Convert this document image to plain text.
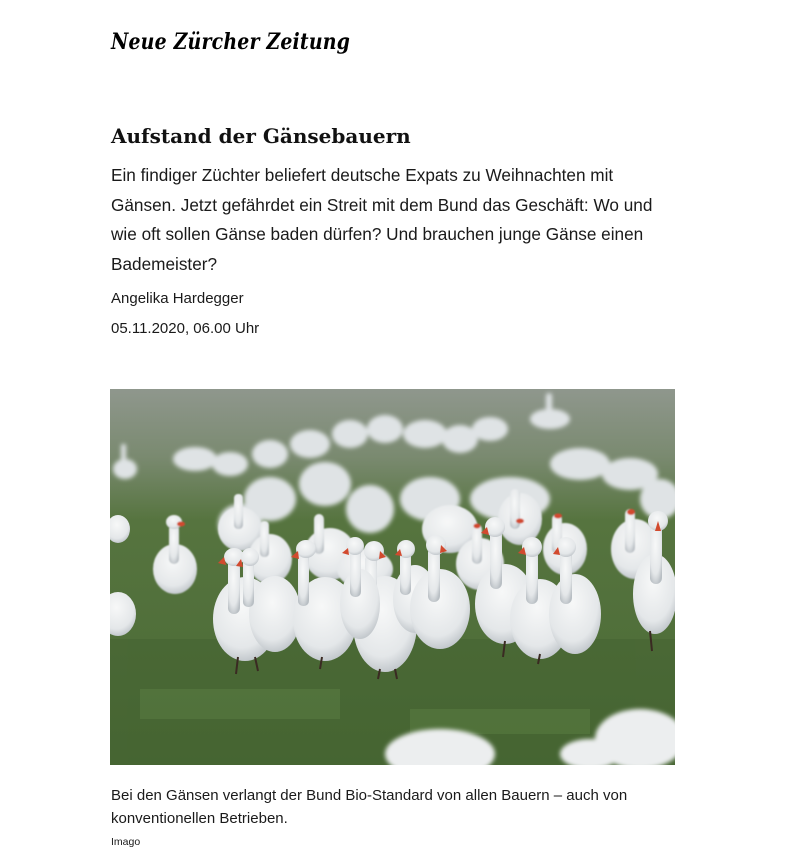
Neue Zürcher Zeitung
Aufstand der Gänsebauern

Ein findiger Züchter beliefert deutsche Expats zu Weihnachten mit Gänsen. Jetzt gefährdet ein Streit mit dem Bund das Geschäft: Wo und wie oft sollen Gänse baden dürfen? Und brauchen junge Gänse einen Bademeister?

Angelika Hardegger

05.11.2020, 06.00 Uhr

Bei den Gänsen verlangt der Bund Bio-Standard von allen Bauern – auch von konventionellen Betrieben.

Imago
